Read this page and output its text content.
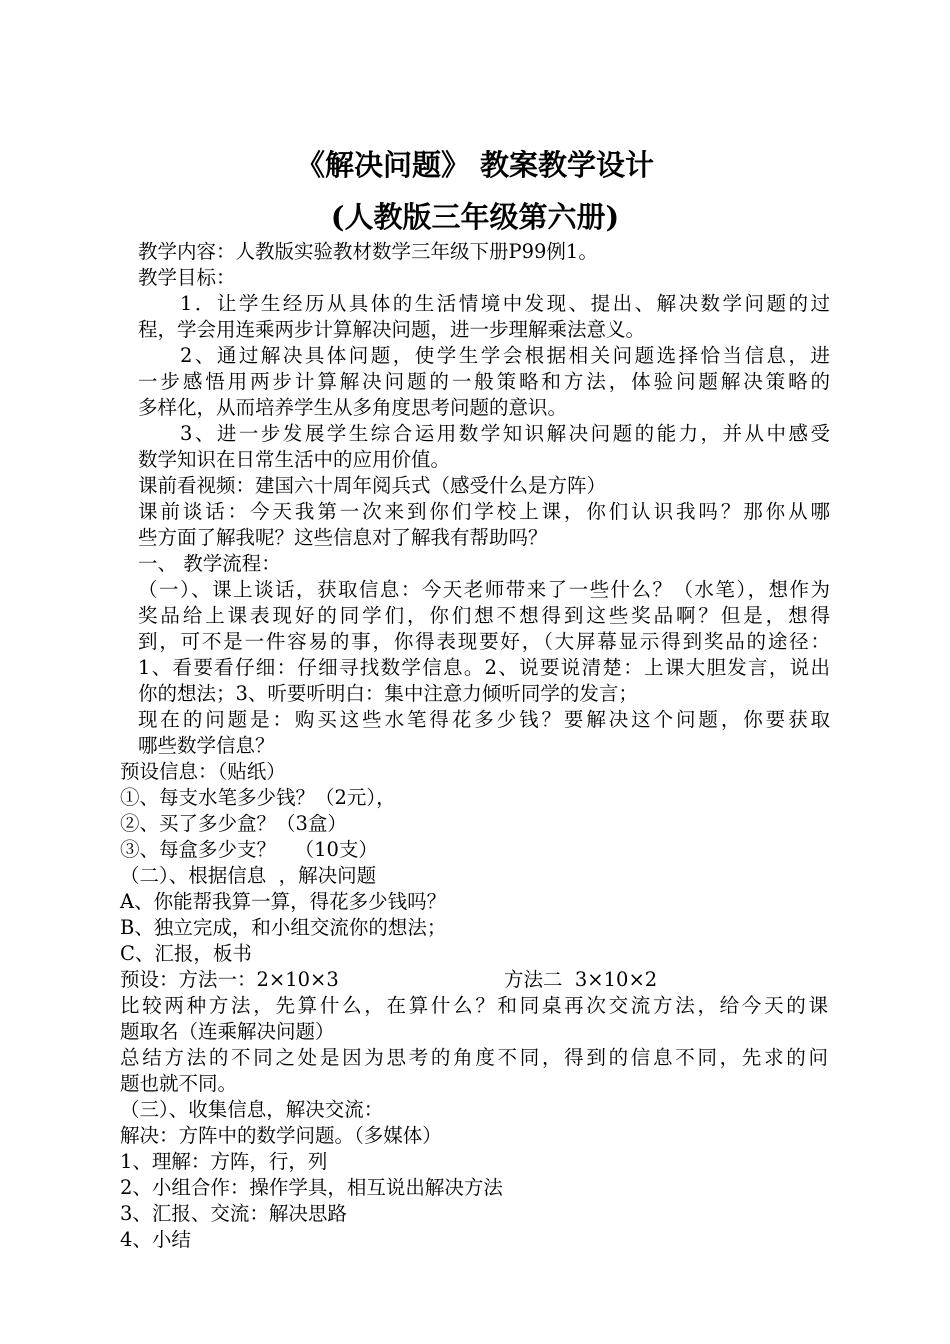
《解决问题》 教案教学设计
(人教版三年级第六册)
教学内容：人教版实验教材数学三年级下册P99例1。
教学目标：
1．让学生经历从具体的生活情境中发现、提出、解决数学问题的过
程，学会用连乘两步计算解决问题，进一步理解乘法意义。
2、通过解决具体问题，使学生学会根据相关问题选择恰当信息，进
一步感悟用两步计算解决问题的一般策略和方法，体验问题解决策略的
多样化，从而培养学生从多角度思考问题的意识。
3、进一步发展学生综合运用数学知识解决问题的能力，并从中感受
数学知识在日常生活中的应用价值。
课前看视频：建国六十周年阅兵式（感受什么是方阵）
课前谈话：今天我第一次来到你们学校上课，你们认识我吗？那你从哪
些方面了解我呢？这些信息对了解我有帮助吗？
一、 教学流程：
（一）、课上谈话，获取信息：今天老师带来了一些什么？（水笔），想作为
奖品给上课表现好的同学们，你们想不想得到这些奖品啊？但是，想得
到，可不是一件容易的事，你得表现要好，（大屏幕显示得到奖品的途径：
1、看要看仔细：仔细寻找数学信息。2、说要说清楚：上课大胆发言，说出
你的想法；3、听要听明白：集中注意力倾听同学的发言；
现在的问题是：购买这些水笔得花多少钱？要解决这个问题，你要获取
哪些数学信息？
预设信息：（贴纸）
①、每支水笔多少钱？（2元），
②、买了多少盒？（3盒）
③、每盒多少支？   （10支）
（二）、根据信息  ，解决问题
A、你能帮我算一算，得花多少钱吗？
B、独立完成，和小组交流你的想法；
C、汇报，板书
预设：方法一：2×10×3	方法二  3×10×2
比较两种方法，先算什么，在算什么？和同桌再次交流方法，给今天的课
题取名（连乘解决问题）
总结方法的不同之处是因为思考的角度不同，得到的信息不同，先求的问
题也就不同。
（三）、收集信息，解决交流：
解决：方阵中的数学问题。（多媒体）
1、理解：方阵，行，列
2、小组合作：操作学具，相互说出解决方法
3、汇报、交流：解决思路
4、小结
